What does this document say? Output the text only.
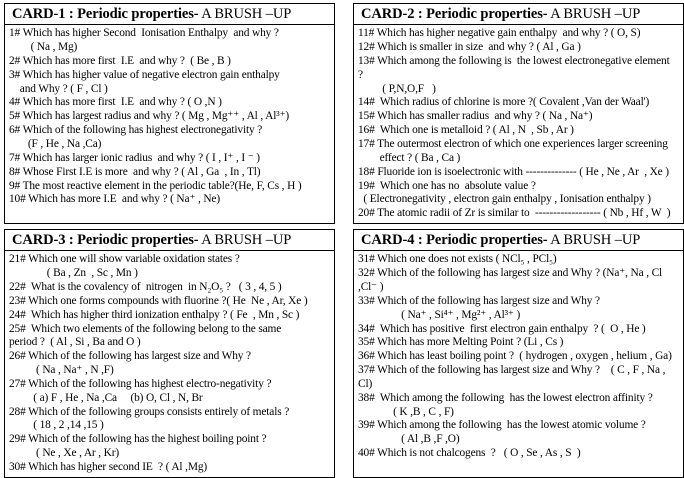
CARD-1 : Periodic properties- A BRUSH –UP
1# Which has higher Second  Ionisation Enthalpy  and why ?
( Na , Mg)
2# Which has more first  I.E  and why ?  ( Be , B )
3# Which has higher value of negative electron gain enthalpy
and Why ? ( F , Cl )
4# Which has more first  I.E  and why ? ( O ,N )
5# Which has largest radius and why ? ( Mg , Mg⁺⁺ , Al , Al³⁺)
6# Which of the following has highest electronegativity ?
(F , He , Na ,Ca)
7# Which has larger ionic radius  and why ? ( I , I⁺ , I ⁻ )
8# Whose First I.E is more  and why ? ( Al , Ga  , In , Tl)
9# The most reactive element in the periodic table?(He, F, Cs , H )
10# Which has more I.E  and why ? ( Na⁺ , Ne)

CARD-2 : Periodic properties- A BRUSH –UP
11# Which has higher negative gain enthalpy  and why ? ( O, S)
12# Which is smaller in size  and why ? ( Al , Ga )
13# Which among the following is  the lowest electronegative element   ?
( P,N,O,F   )
14#  Which radius of chlorine is more ?( Covalent ,Van der Waal')
15# Which has smaller radius  and why ? ( Na , Na⁺)
16#  Which one is metalloid ? ( Al , N  , Sb , Ar )
17# The outermost electron of which one experiences larger screening
effect ? ( Ba , Ca )
18# Fluoride ion is isoelectronic with -------------- ( He , Ne , Ar  , Xe )
19#  Which one has no  absolute value ?
( Electronegativity , electron gain enthalpy , Ionisation enthalpy )
20# The atomic radii of Zr is similar to  ------------------ ( Nb , Hf , W  )

CARD-3 : Periodic properties- A BRUSH –UP
21# Which one will show variable oxidation states ?
( Ba , Zn  , Sc , Mn )
22#  What is the covalency of  nitrogen  in N₂O₅ ?   ( 3 , 4, 5 )
23# Which one forms compounds with fluorine ?( He  Ne , Ar, Xe )
24#  Which has higher third ionization enthalpy ? ( Fe  , Mn , Sc )
25#  Which two elements of the following belong to the same
period ?  ( Al , Si , Ba and O )
26# Which of the following has largest size and Why ?
( Na , Na⁺ , N ,F)
27# Which of the following has highest electro-negativity ?
( a) F , He , Na ,Ca     (b) O, Cl , N, Br
28# Which of the following groups consists entirely of metals ?
( 18 , 2 ,14 ,15 )
29# Which of the following has the highest boiling point ?
( Ne , Xe , Ar , Kr)
30# Which has higher second IE  ? ( Al ,Mg)

CARD-4 : Periodic properties- A BRUSH –UP
31# Which one does not exists ( NCl₅ , PCl₅)
32# Which of the following has largest size and Why ? (Na⁺, Na , Cl ,Cl⁻ )
33# Which of the following has largest size and Why ?
( Na⁺ , Si⁴⁺ , Mg²⁺ , Al³⁺ )
34#  Which has positive  first electron gain enthalpy  ? (  O , He )
35# Which has more Melting Point ? (Li , Cs )
36# Which has least boiling point ?  ( hydrogen , oxygen , helium , Ga)
37# Which of the following has largest size and Why ?    ( C , F , Na , Cl)
38#  Which among the following  has the lowest electron affinity ?
( K ,B , C , F)
39# Which among the following  has the lowest atomic volume ?
( Al ,B ,F ,O)
40# Which is not chalcogens  ?   ( O , Se , As , S  )
